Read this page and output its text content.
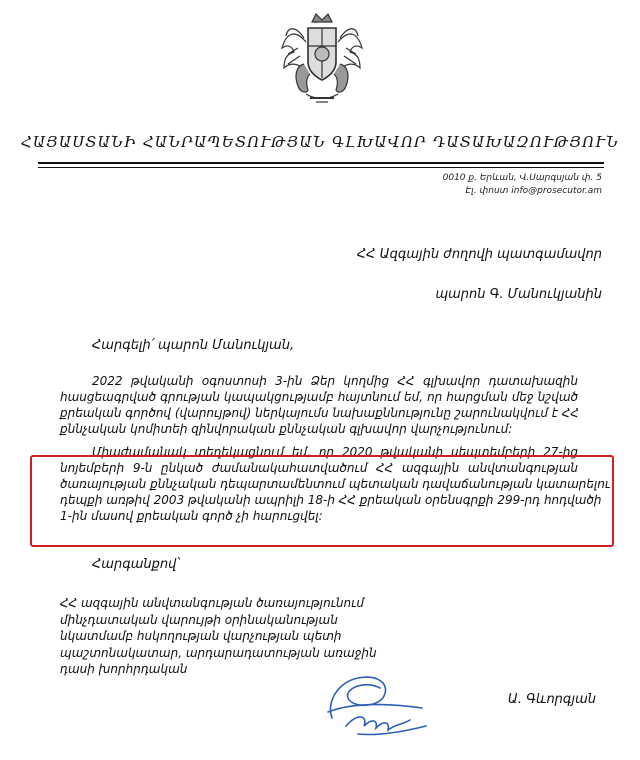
ՀԱՅԱՍՏԱՆԻ ՀԱՆՐԱՊԵՏՈՒԹՅԱՆ ԳԼԽԱՎՈՐ ԴԱՏԱԽԱԶՈՒԹՅՈՒՆ
0010 ք. Երևան, Վ.Սարգսյան փ. 5
Էլ. փոստ info@prosecutor.am
ՀՀ Ազգային ժողովի պատգամավոր
պարոն Գ. Մանուկյանին
Հարգելի՛ պարոն Մանուկյան,
2022 թվականի օգոստոսի 3-ին Ձեր կողմից ՀՀ գլխավոր դատախազին
հասցեագրված գրության կապակցությամբ հայտնում եմ, որ հարցման մեջ նշված
քրեական գործով (վարույթով) ներկայումս նախաքննությունը շարունակվում է ՀՀ
քննչական կոմիտեի զինվորական քննչական գլխավոր վարչությունում:
Միաժամանակ տեղեկացնում եմ, որ 2020 թվականի սեպտեմբերի 27-ից
նոյեմբերի 9-ն ընկած ժամանակահատվածում ՀՀ ազգային անվտանգության
ծառայության քննչական դեպարտամենտում պետական դավաճանության կատարելու
դեպքի առթիվ 2003 թվականի ապրիլի 18-ի ՀՀ քրեական օրենսգրքի 299-րդ հոդվածի
1-ին մասով քրեական գործ չի հարուցվել:
Հարգանքով՝
ՀՀ ազգային անվտանգության ծառայությունում
մինչդատական վարույթի օրինականության
նկատմամբ հսկողության վարչության պետի
պաշտոնակատար, արդարադատության առաջին
դասի խորհրդական
Ա. Գևորգյան
